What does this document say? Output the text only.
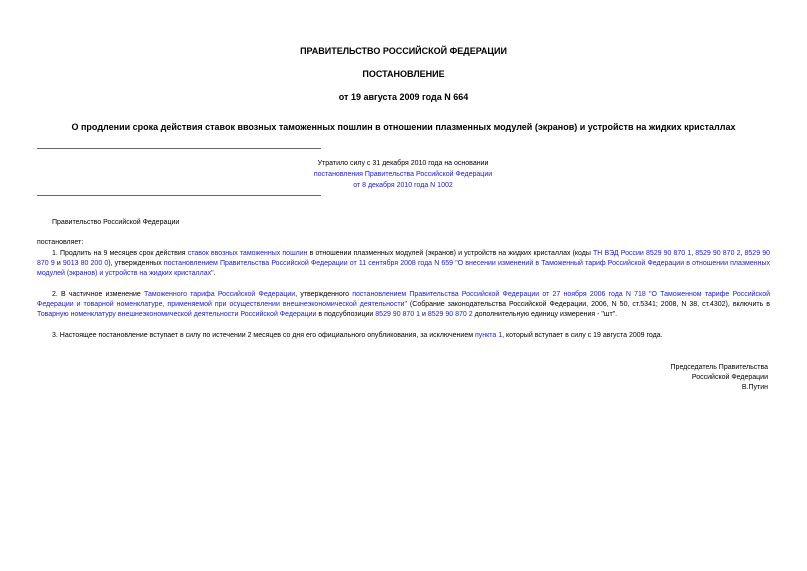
ПРАВИТЕЛЬСТВО РОССИЙСКОЙ ФЕДЕРАЦИИ
ПОСТАНОВЛЕНИЕ
от 19 августа 2009 года N 664
О продлении срока действия ставок ввозных таможенных пошлин в отношении плазменных модулей (экранов) и устройств на жидких кристаллах
Утратило силу с 31 декабря 2010 года на основании
постановления Правительства Российской Федерации
от 8 декабря 2010 года N 1002
Правительство Российской Федерации
постановляет:
1. Продлить на 9 месяцев срок действия ставок ввозных таможенных пошлин в отношении плазменных модулей (экранов) и устройств на жидких кристаллах (коды ТН ВЭД России 8529 90 870 1, 8529 90 870 2, 8529 90 870 9 и 9013 80 200 0), утвержденных постановлением Правительства Российской Федерации от 11 сентября 2008 года N 659 "О внесении изменений в Таможенный тариф Российской Федерации в отношении плазменных модулей (экранов) и устройств на жидких кристаллах".
2. В частичное изменение Таможенного тарифа Российской Федерации, утвержденного постановлением Правительства Российской Федерации от 27 ноября 2006 года N 718 "О Таможенном тарифе Российской Федерации и товарной номенклатуре, применяемой при осуществлении внешнеэкономической деятельности" (Собрание законодательства Российской Федерации, 2006, N 50, ст.5341; 2008, N 38, ст.4302), включить в Товарную номенклатуру внешнеэкономической деятельности Российской Федерации в подсубпозиции 8529 90 870 1 и 8529 90 870 2 дополнительную единицу измерения - "шт".
3. Настоящее постановление вступает в силу по истечении 2 месяцев со дня его официального опубликования, за исключением пункта 1, который вступает в силу с 19 августа 2009 года.
Председатель Правительства
Российской Федерации
В.Путин
